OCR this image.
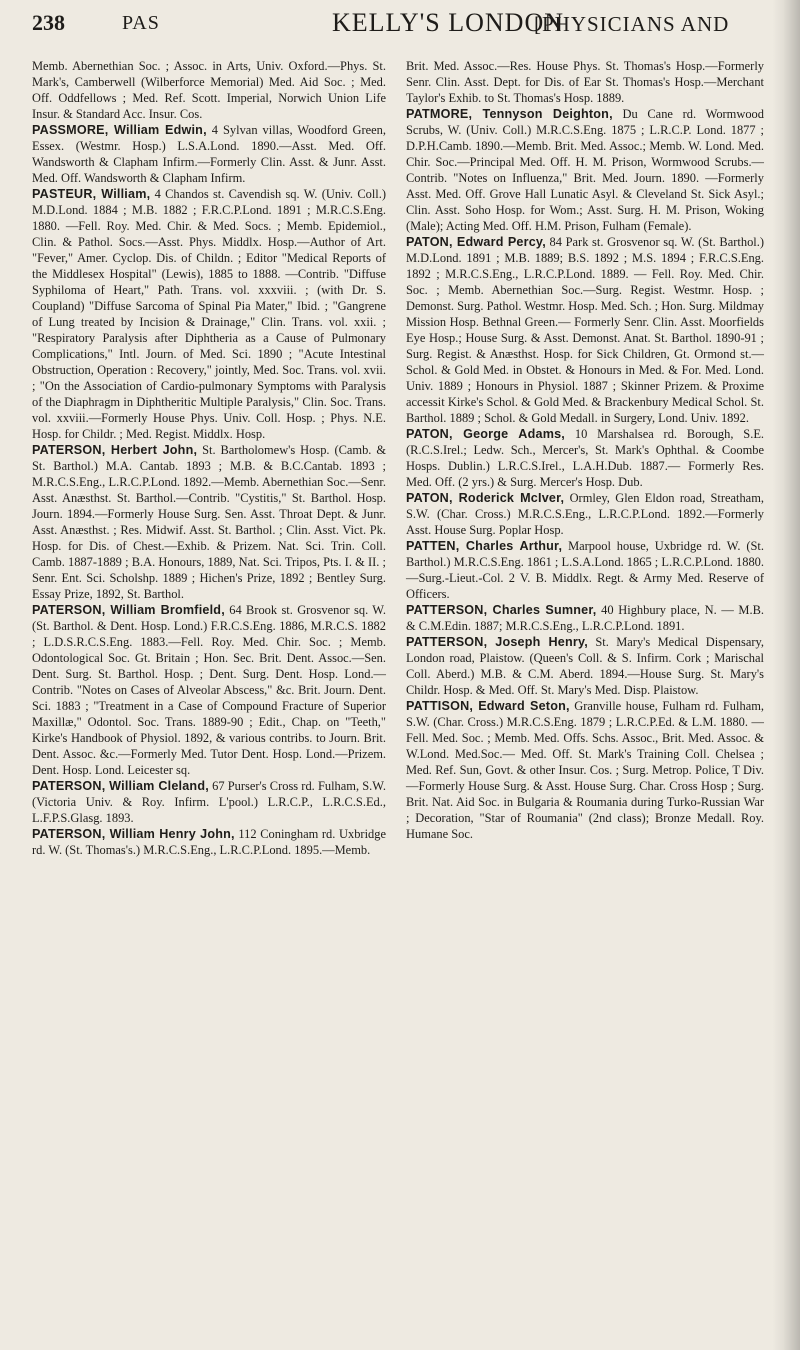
238	PAS	KELLY'S LONDON
[PHYSICIANS AND
Memb. Abernethian Soc. ; Assoc. in Arts, Univ. Oxford.—Phys. St. Mark's, Camberwell (Wilberforce Memorial) Med. Aid Soc. ; Med. Off. Oddfellows ; Med. Ref. Scott. Imperial, Norwich Union Life Insur. & Standard Acc. Insur. Cos.
PASSMORE, William Edwin, 4 Sylvan villas, Woodford Green, Essex. (Westmr. Hosp.) L.S.A.Lond. 1890.—Asst. Med. Off. Wandsworth & Clapham Infirm.—Formerly Clin. Asst. & Junr. Asst. Med. Off. Wandsworth & Clapham Infirm.
PASTEUR, William, 4 Chandos st. Cavendish sq. W. (Univ. Coll.) M.D.Lond. 1884 ; M.B. 1882 ; F.R.C.P.Lond. 1891 ; M.R.C.S.Eng. 1880. —Fell. Roy. Med. Chir. & Med. Socs. ; Memb. Epidemiol., Clin. & Pathol. Socs.—Asst. Phys. Middlx. Hosp.—Author of Art. "Fever," Amer. Cyclop. Dis. of Childn. ; Editor "Medical Reports of the Middlesex Hospital" (Lewis), 1885 to 1888. —Contrib. "Diffuse Syphiloma of Heart," Path. Trans. vol. xxxviii. ; (with Dr. S. Coupland) "Diffuse Sarcoma of Spinal Pia Mater," Ibid. ; "Gangrene of Lung treated by Incision & Drainage," Clin. Trans. vol. xxii. ; "Respiratory Paralysis after Diphtheria as a Cause of Pulmonary Complications," Intl. Journ. of Med. Sci. 1890 ; "Acute Intestinal Obstruction, Operation : Recovery," jointly, Med. Soc. Trans. vol. xvii. ; "On the Association of Cardio-pulmonary Symptoms with Paralysis of the Diaphragm in Diphtheritic Multiple Paralysis," Clin. Soc. Trans. vol. xxviii.—Formerly House Phys. Univ. Coll. Hosp. ; Phys. N.E. Hosp. for Childr. ; Med. Regist. Middlx. Hosp.
PATERSON, Herbert John, St. Bartholomew's Hosp. (Camb. & St. Barthol.) M.A. Cantab. 1893 ; M.B. & B.C.Cantab. 1893 ; M.R.C.S.Eng., L.R.C.P.Lond. 1892.—Memb. Abernethian Soc.—Senr. Asst. Anæsthst. St. Barthol.—Contrib. "Cystitis," St. Barthol. Hosp. Journ. 1894.—Formerly House Surg. Sen. Asst. Throat Dept. & Junr. Asst. Anæsthst. ; Res. Midwif. Asst. St. Barthol. ; Clin. Asst. Vict. Pk. Hosp. for Dis. of Chest.—Exhib. & Prizem. Nat. Sci. Trin. Coll. Camb. 1887-1889 ; B.A. Honours, 1889, Nat. Sci. Tripos, Pts. I. & II. ; Senr. Ent. Sci. Scholshp. 1889 ; Hichen's Prize, 1892 ; Bentley Surg. Essay Prize, 1892, St. Barthol.
PATERSON, William Bromfield, 64 Brook st. Grosvenor sq. W. (St. Barthol. & Dent. Hosp. Lond.) F.R.C.S.Eng. 1886, M.R.C.S. 1882 ; L.D.S.R.C.S.Eng. 1883.—Fell. Roy. Med. Chir. Soc. ; Memb. Odontological Soc. Gt. Britain ; Hon. Sec. Brit. Dent. Assoc.—Sen. Dent. Surg. St. Barthol. Hosp. ; Dent. Surg. Dent. Hosp. Lond.—Contrib. "Notes on Cases of Alveolar Abscess," &c. Brit. Journ. Dent. Sci. 1883 ; "Treatment in a Case of Compound Fracture of Superior Maxillæ," Odontol. Soc. Trans. 1889-90 ; Edit., Chap. on "Teeth," Kirke's Handbook of Physiol. 1892, & various contribs. to Journ. Brit. Dent. Assoc. &c.—Formerly Med. Tutor Dent. Hosp. Lond.—Prizem. Dent. Hosp. Lond. Leicester sq.
PATERSON, William Cleland, 67 Purser's Cross rd. Fulham, S.W. (Victoria Univ. & Roy. Infirm. L'pool.) L.R.C.P., L.R.C.S.Ed., L.F.P.S.Glasg. 1893.
PATERSON, William Henry John, 112 Coningham rd. Uxbridge rd. W. (St. Thomas's.) M.R.C.S.Eng., L.R.C.P.Lond. 1895.—Memb.
Brit. Med. Assoc.—Res. House Phys. St. Thomas's Hosp.—Formerly Senr. Clin. Asst. Dept. for Dis. of Ear St. Thomas's Hosp.—Merchant Taylor's Exhib. to St. Thomas's Hosp. 1889.
PATMORE, Tennyson Deighton, Du Cane rd. Wormwood Scrubs, W. (Univ. Coll.) M.R.C.S.Eng. 1875 ; L.R.C.P. Lond. 1877 ; D.P.H.Camb. 1890.—Memb. Brit. Med. Assoc.; Memb. W. Lond. Med. Chir. Soc.—Principal Med. Off. H. M. Prison, Wormwood Scrubs.—Contrib. "Notes on Influenza," Brit. Med. Journ. 1890. —Formerly Asst. Med. Off. Grove Hall Lunatic Asyl. & Cleveland St. Sick Asyl.; Clin. Asst. Soho Hosp. for Wom.; Asst. Surg. H. M. Prison, Woking (Male); Acting Med. Off. H.M. Prison, Fulham (Female).
PATON, Edward Percy, 84 Park st. Grosvenor sq. W. (St. Barthol.) M.D.Lond. 1891 ; M.B. 1889; B.S. 1892 ; M.S. 1894 ; F.R.C.S.Eng. 1892 ; M.R.C.S.Eng., L.R.C.P.Lond. 1889. — Fell. Roy. Med. Chir. Soc. ; Memb. Abernethian Soc.—Surg. Regist. Westmr. Hosp. ; Demonst. Surg. Pathol. Westmr. Hosp. Med. Sch. ; Hon. Surg. Mildmay Mission Hosp. Bethnal Green.— Formerly Senr. Clin. Asst. Moorfields Eye Hosp.; House Surg. & Asst. Demonst. Anat. St. Barthol. 1890-91 ; Surg. Regist. & Anæsthst. Hosp. for Sick Children, Gt. Ormond st.—Schol. & Gold Med. in Obstet. & Honours in Med. & For. Med. Lond. Univ. 1889 ; Honours in Physiol. 1887 ; Skinner Prizem. & Proxime accessit Kirke's Schol. & Gold Med. & Brackenbury Medical Schol. St. Barthol. 1889 ; Schol. & Gold Medall. in Surgery, Lond. Univ. 1892.
PATON, George Adams, 10 Marshalsea rd. Borough, S.E. (R.C.S.Irel.; Ledw. Sch., Mercer's, St. Mark's Ophthal. & Coombe Hosps. Dublin.) L.R.C.S.Irel., L.A.H.Dub. 1887.— Formerly Res. Med. Off. (2 yrs.) & Surg. Mercer's Hosp. Dub.
PATON, Roderick McIver, Ormley, Glen Eldon road, Streatham, S.W. (Char. Cross.) M.R.C.S.Eng., L.R.C.P.Lond. 1892.—Formerly Asst. House Surg. Poplar Hosp.
PATTEN, Charles Arthur, Marpool house, Uxbridge rd. W. (St. Barthol.) M.R.C.S.Eng. 1861 ; L.S.A.Lond. 1865 ; L.R.C.P.Lond. 1880. —Surg.-Lieut.-Col. 2 V. B. Middlx. Regt. & Army Med. Reserve of Officers.
PATTERSON, Charles Sumner, 40 Highbury place, N. — M.B. & C.M.Edin. 1887; M.R.C.S.Eng., L.R.C.P.Lond. 1891.
PATTERSON, Joseph Henry, St. Mary's Medical Dispensary, London road, Plaistow. (Queen's Coll. & S. Infirm. Cork ; Marischal Coll. Aberd.) M.B. & C.M. Aberd. 1894.—House Surg. St. Mary's Childr. Hosp. & Med. Off. St. Mary's Med. Disp. Plaistow.
PATTISON, Edward Seton, Granville house, Fulham rd. Fulham, S.W. (Char. Cross.) M.R.C.S.Eng. 1879 ; L.R.C.P.Ed. & L.M. 1880. —Fell. Med. Soc. ; Memb. Med. Offs. Schs. Assoc., Brit. Med. Assoc. & W.Lond. Med.Soc.— Med. Off. St. Mark's Training Coll. Chelsea ; Med. Ref. Sun, Govt. & other Insur. Cos. ; Surg. Metrop. Police, T Div.—Formerly House Surg. & Asst. House Surg. Char. Cross Hosp ; Surg. Brit. Nat. Aid Soc. in Bulgaria & Roumania during Turko-Russian War ; Decoration, "Star of Roumania" (2nd class); Bronze Medall. Roy. Humane Soc.
